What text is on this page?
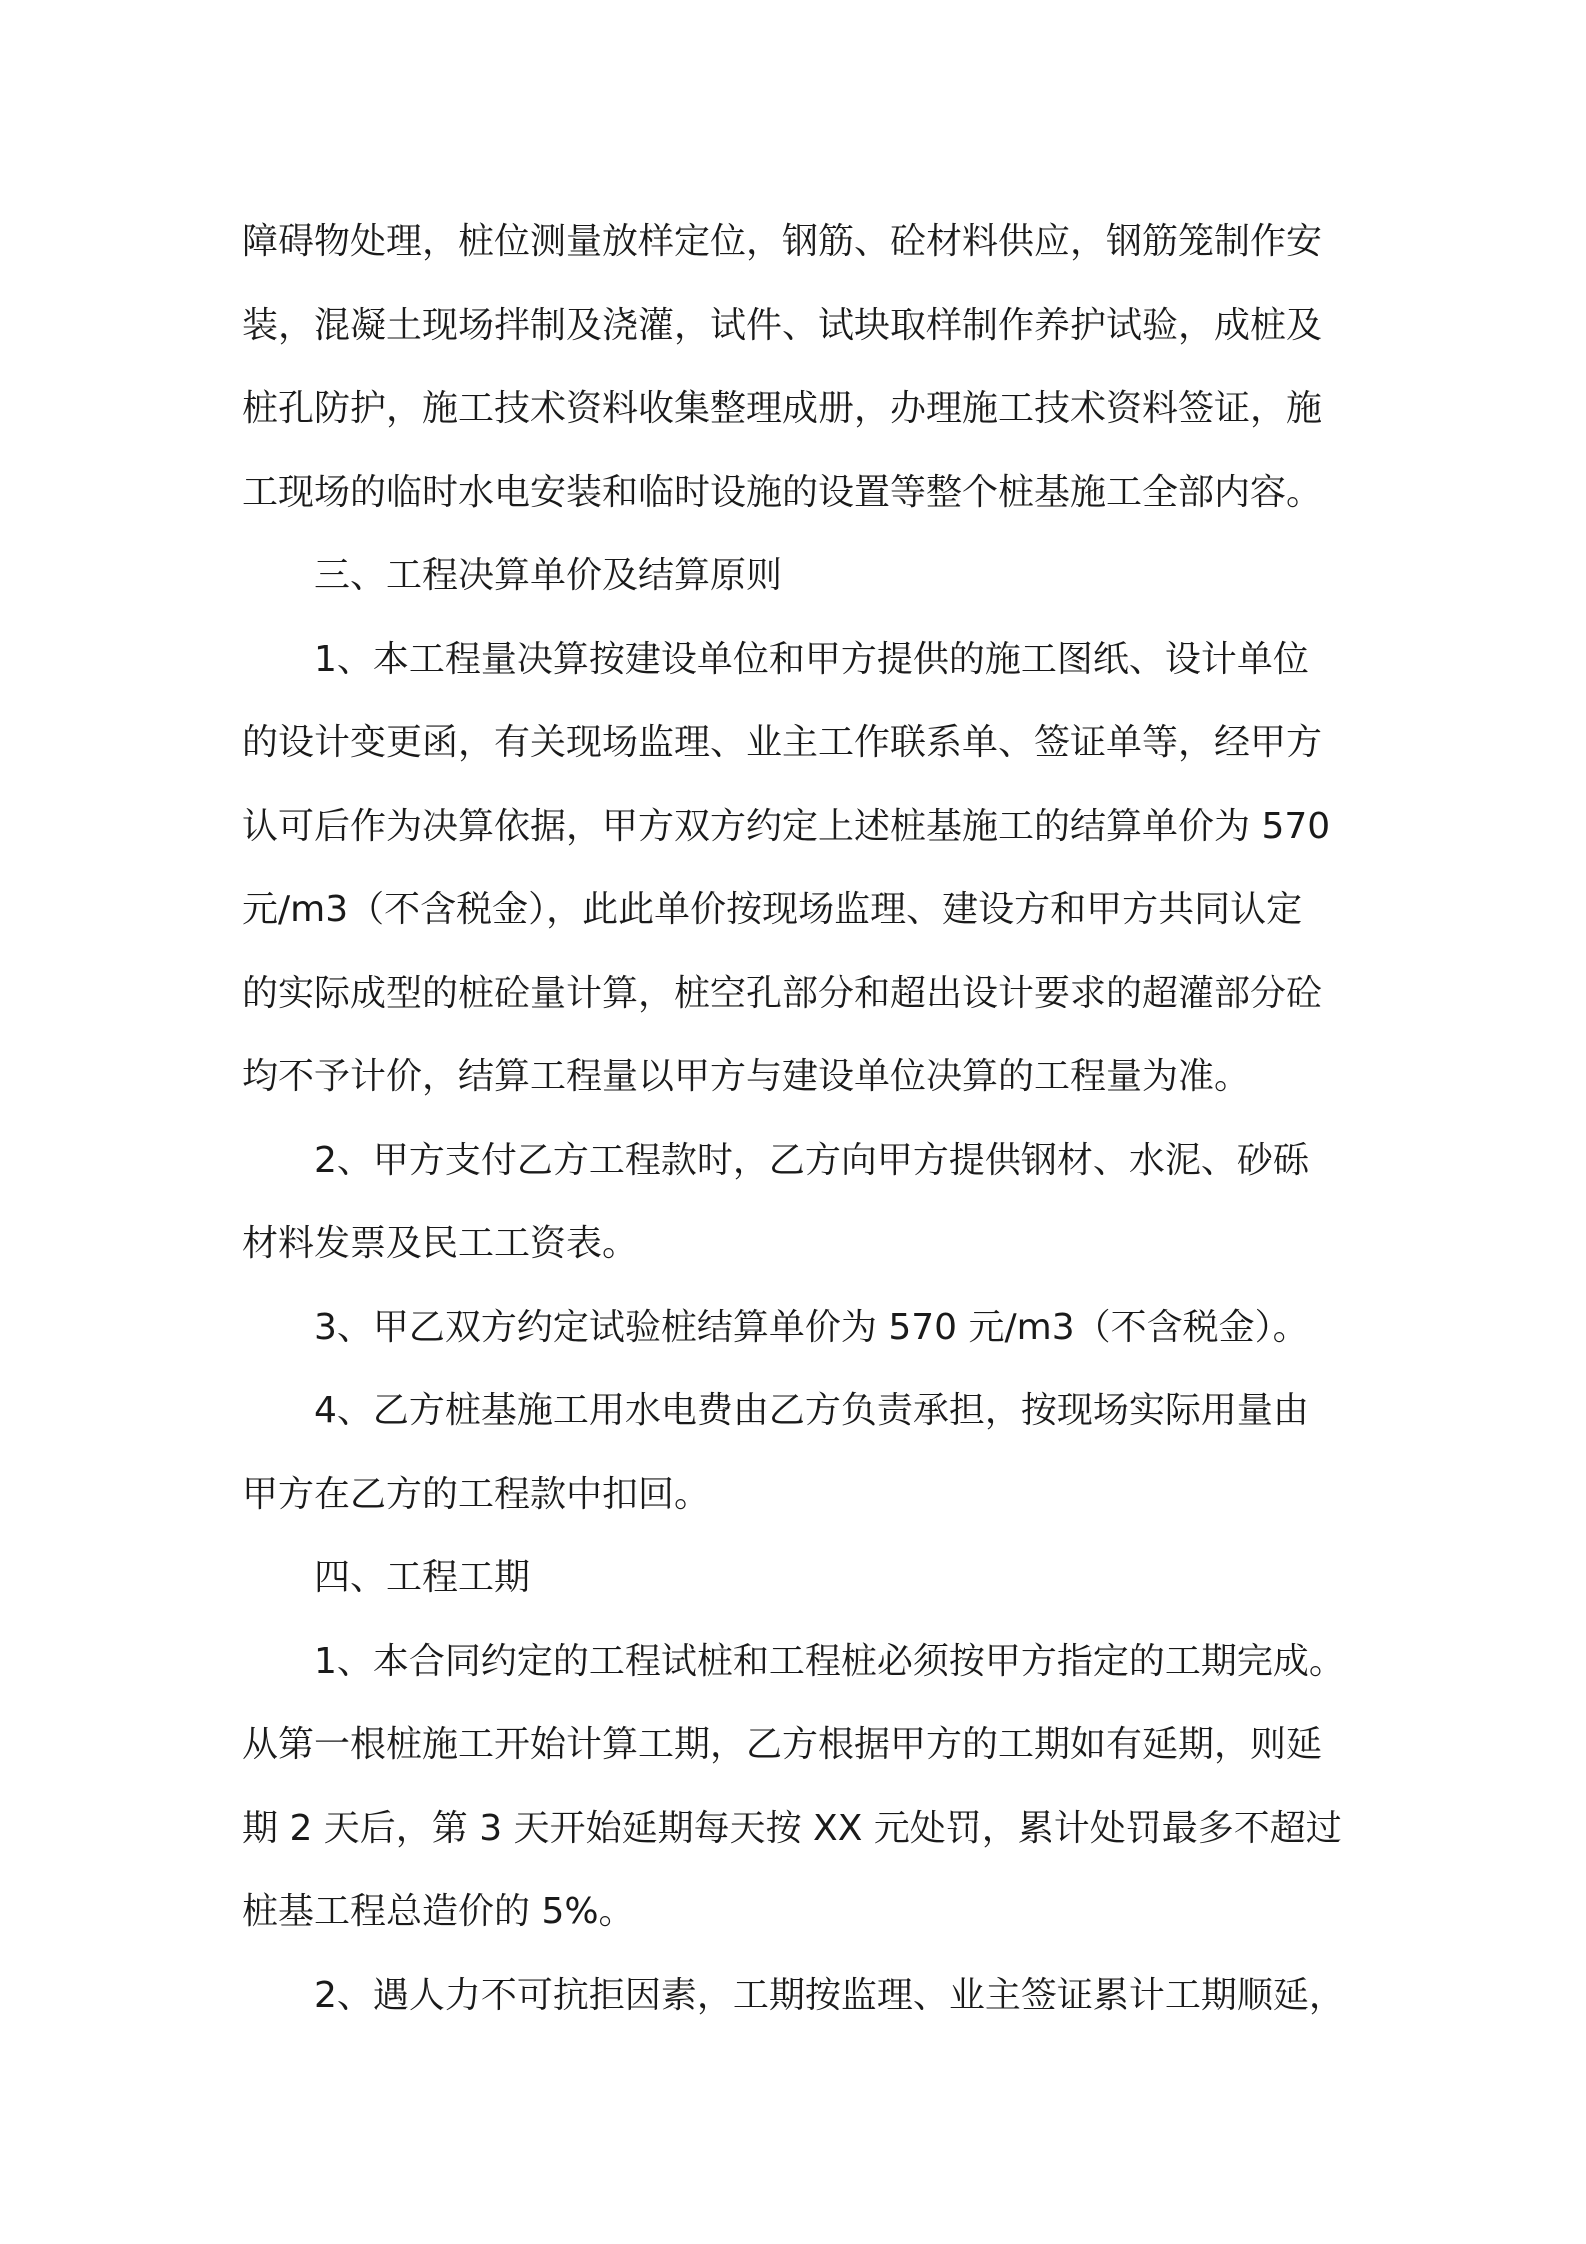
障碍物处理，桩位测量放样定位，钢筋、砼材料供应，钢筋笼制作安
装，混凝土现场拌制及浇灌，试件、试块取样制作养护试验，成桩及
桩孔防护，施工技术资料收集整理成册，办理施工技术资料签证，施
工现场的临时水电安装和临时设施的设置等整个桩基施工全部内容。
三、工程决算单价及结算原则
1、本工程量决算按建设单位和甲方提供的施工图纸、设计单位
的设计变更函，有关现场监理、业主工作联系单、签证单等，经甲方
认可后作为决算依据，甲方双方约定上述桩基施工的结算单价为 570
元/m3（不含税金），此此单价按现场监理、建设方和甲方共同认定
的实际成型的桩砼量计算，桩空孔部分和超出设计要求的超灌部分砼
均不予计价，结算工程量以甲方与建设单位决算的工程量为准。
2、甲方支付乙方工程款时，乙方向甲方提供钢材、水泥、砂砾
材料发票及民工工资表。
3、甲乙双方约定试验桩结算单价为 570 元/m3（不含税金）。
4、乙方桩基施工用水电费由乙方负责承担，按现场实际用量由
甲方在乙方的工程款中扣回。
四、工程工期
1、本合同约定的工程试桩和工程桩必须按甲方指定的工期完成。
从第一根桩施工开始计算工期，乙方根据甲方的工期如有延期，则延
期 2 天后，第 3 天开始延期每天按 XX 元处罚，累计处罚最多不超过
桩基工程总造价的 5%。
2、遇人力不可抗拒因素，工期按监理、业主签证累计工期顺延，
